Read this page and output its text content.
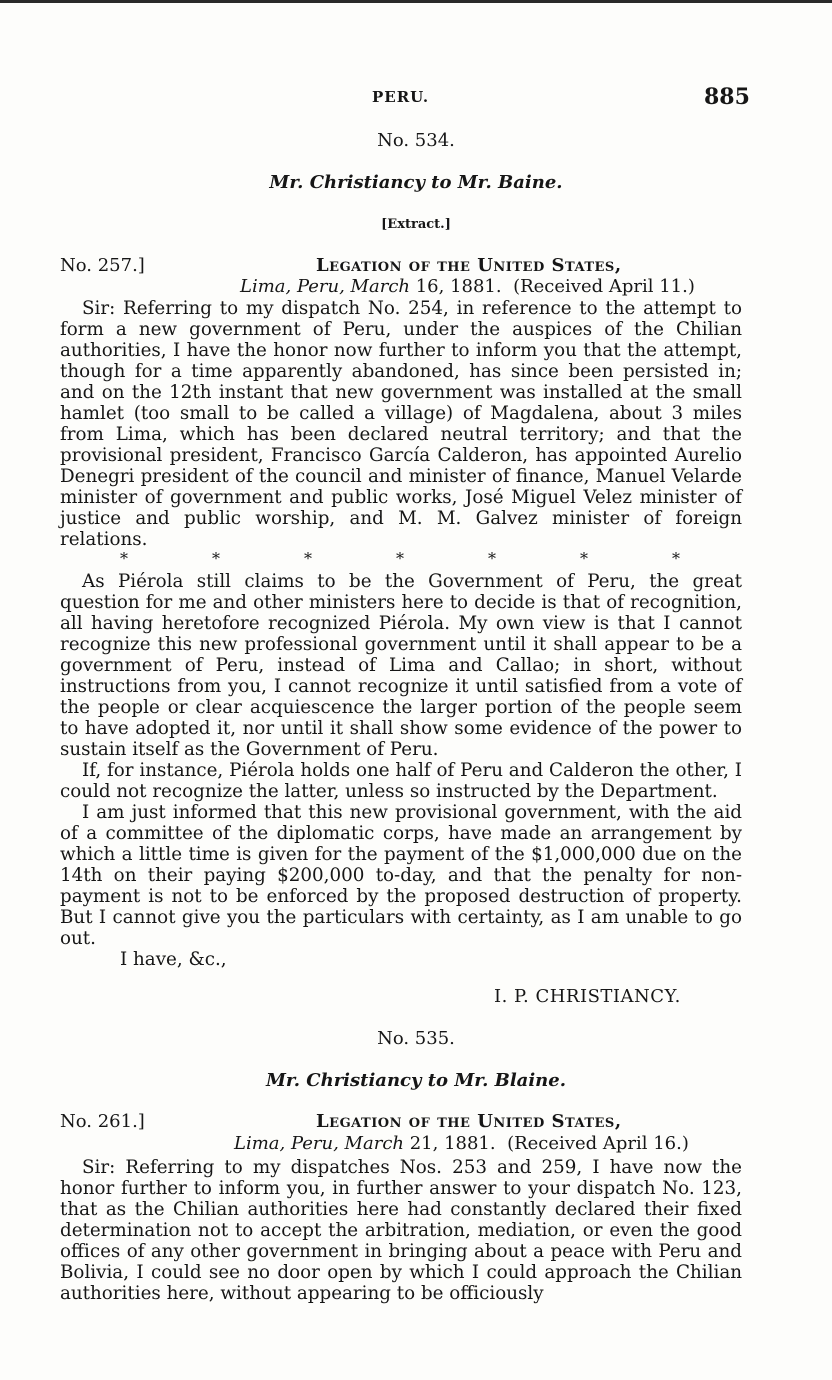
PERU.	885
No. 534.
Mr. Christiancy to Mr. Baine.
[Extract.]
No. 257.]	Legation of the United States,
Lima, Peru, March 16, 1881. (Received April 11.)

Sir: Referring to my dispatch No. 254, in reference to the attempt to form a new government of Peru, under the auspices of the Chilian authorities, I have the honor now further to inform you that the attempt, though for a time apparently abandoned, has since been persisted in; and on the 12th instant that new government was installed at the small hamlet (too small to be called a village) of Magdalena, about 3 miles from Lima, which has been declared neutral territory; and that the provisional president, Francisco García Calderon, has appointed Aurelio Denegri president of the council and minister of finance, Manuel Velarde minister of government and public works, José Miguel Velez minister of justice and public worship, and M. M. Galvez minister of foreign relations.

*	*	*	*	*	*	*

As Piérola still claims to be the Government of Peru, the great question for me and other ministers here to decide is that of recognition, all having heretofore recognized Piérola. My own view is that I cannot recognize this new professional government until it shall appear to be a government of Peru, instead of Lima and Callao; in short, without instructions from you, I cannot recognize it until satisfied from a vote of the people or clear acquiescence the larger portion of the people seem to have adopted it, nor until it shall show some evidence of the power to sustain itself as the Government of Peru.

If, for instance, Piérola holds one half of Peru and Calderon the other, I could not recognize the latter, unless so instructed by the Department.

I am just informed that this new provisional government, with the aid of a committee of the diplomatic corps, have made an arrangement by which a little time is given for the payment of the $1,000,000 due on the 14th on their paying $200,000 to-day, and that the penalty for non-payment is not to be enforced by the proposed destruction of property. But I cannot give you the particulars with certainty, as I am unable to go out.

I have, &c.,

I. P. CHRISTIANCY.
No. 535.
Mr. Christiancy to Mr. Blaine.
No. 261.]	Legation of the United States,
Lima, Peru, March 21, 1881. (Received April 16.)

Sir: Referring to my dispatches Nos. 253 and 259, I have now the honor further to inform you, in further answer to your dispatch No. 123, that as the Chilian authorities here had constantly declared their fixed determination not to accept the arbitration, mediation, or even the good offices of any other government in bringing about a peace with Peru and Bolivia, I could see no door open by which I could approach the Chilian authorities here, without appearing to be officiously
